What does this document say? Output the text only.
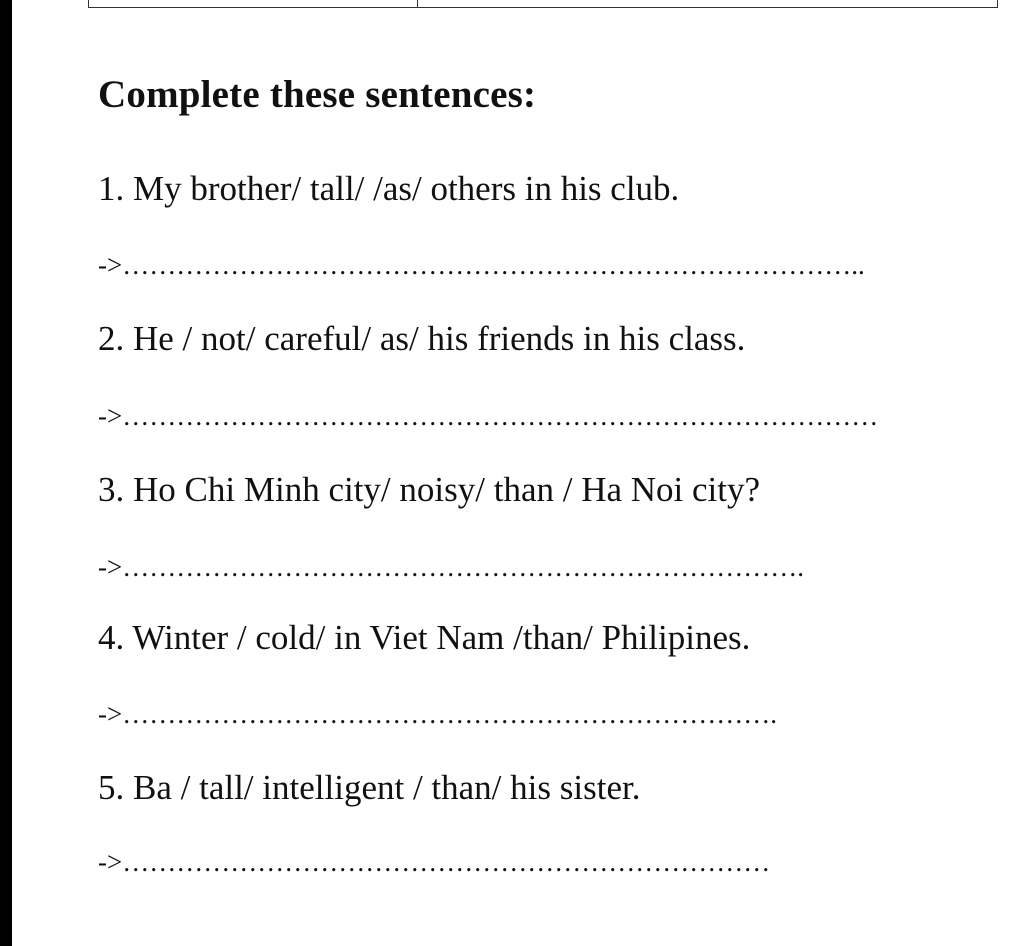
Complete these sentences:
1. My brother/ tall/ /as/ others in his club.
->………………………………………………………………………..
2. He / not/ careful/ as/ his friends in his class.
->…………………………………………………………………………
3. Ho Chi Minh city/ noisy/ than / Ha Noi city?
->………………………………………………………………….
4. Winter / cold/ in Viet Nam /than/ Philipines.
->……………………………………………………………….
5. Ba / tall/ intelligent / than/ his sister.
->………………………………………………………………
